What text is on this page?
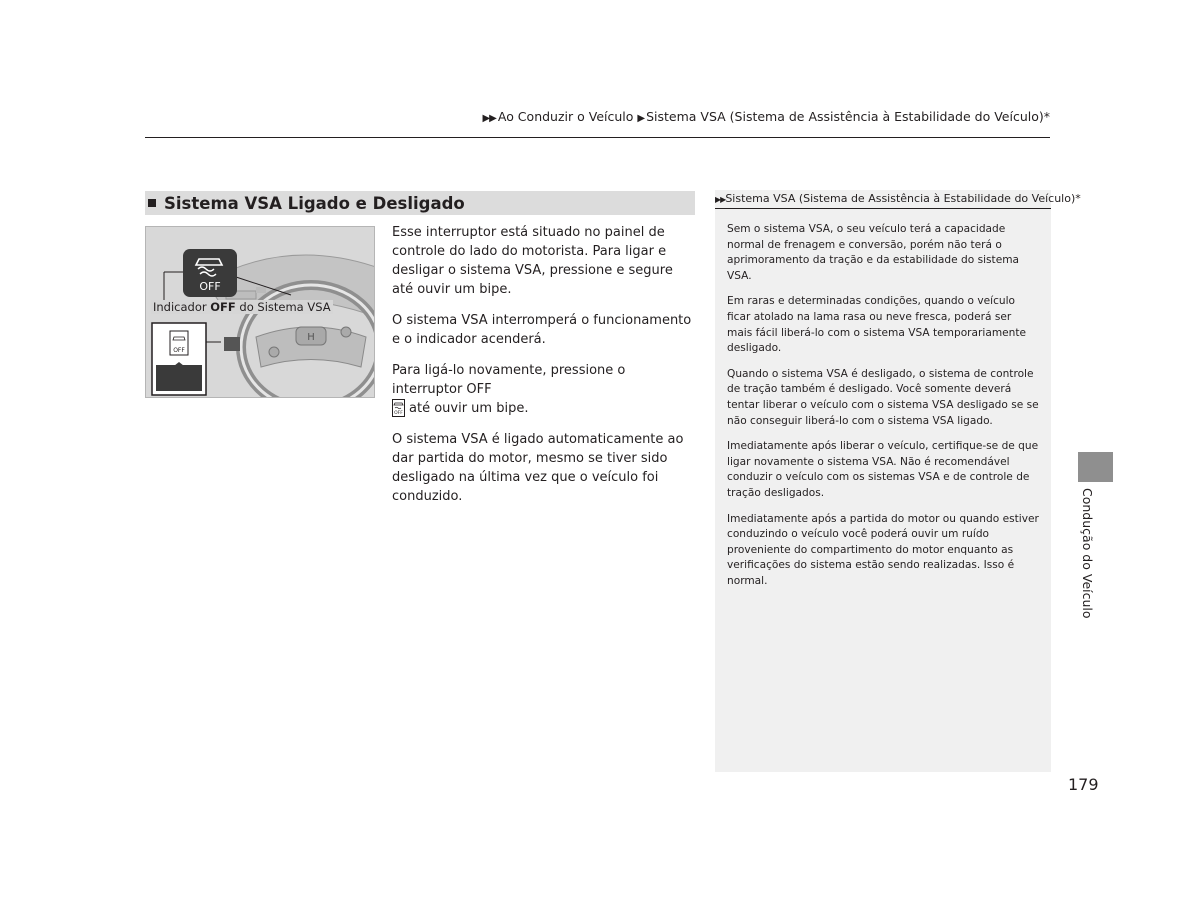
▶▶ Ao Conduzir o Veículo ▶ Sistema VSA (Sistema de Assistência à Estabilidade do Veículo)*
Sistema VSA Ligado e Desligado
H
OFF
OFF
Indicador OFF do Sistema VSA

Esse interruptor está situado no painel de controle do lado do motorista. Para ligar e desligar o sistema VSA, pressione e segure até ouvir um bipe.

O sistema VSA interromperá o funcionamento e o indicador acenderá.

Para ligá-lo novamente, pressione o interruptor OFF

OFF até ouvir um bipe.

O sistema VSA é ligado automaticamente ao dar partida do motor, mesmo se tiver sido desligado na última vez que o veículo foi conduzido.

▶▶Sistema VSA (Sistema de Assistência à Estabilidade do Veículo)*

Sem o sistema VSA, o seu veículo terá a capacidade normal de frenagem e conversão, porém não terá o aprimoramento da tração e da estabilidade do sistema VSA.

Em raras e determinadas condições, quando o veículo ficar atolado na lama rasa ou neve fresca, poderá ser mais fácil liberá-lo com o sistema VSA temporariamente desligado.

Quando o sistema VSA é desligado, o sistema de controle de tração também é desligado. Você somente deverá tentar liberar o veículo com o sistema VSA desligado se se não conseguir liberá-lo com o sistema VSA ligado.

Imediatamente após liberar o veículo, certifique-se de que ligar novamente o sistema VSA. Não é recomendável conduzir o veículo com os sistemas VSA e de controle de tração desligados.

Imediatamente após a partida do motor ou quando estiver conduzindo o veículo você poderá ouvir um ruído proveniente do compartimento do motor enquanto as verificações do sistema estão sendo realizadas. Isso é normal.	Condução do Veículo
179
